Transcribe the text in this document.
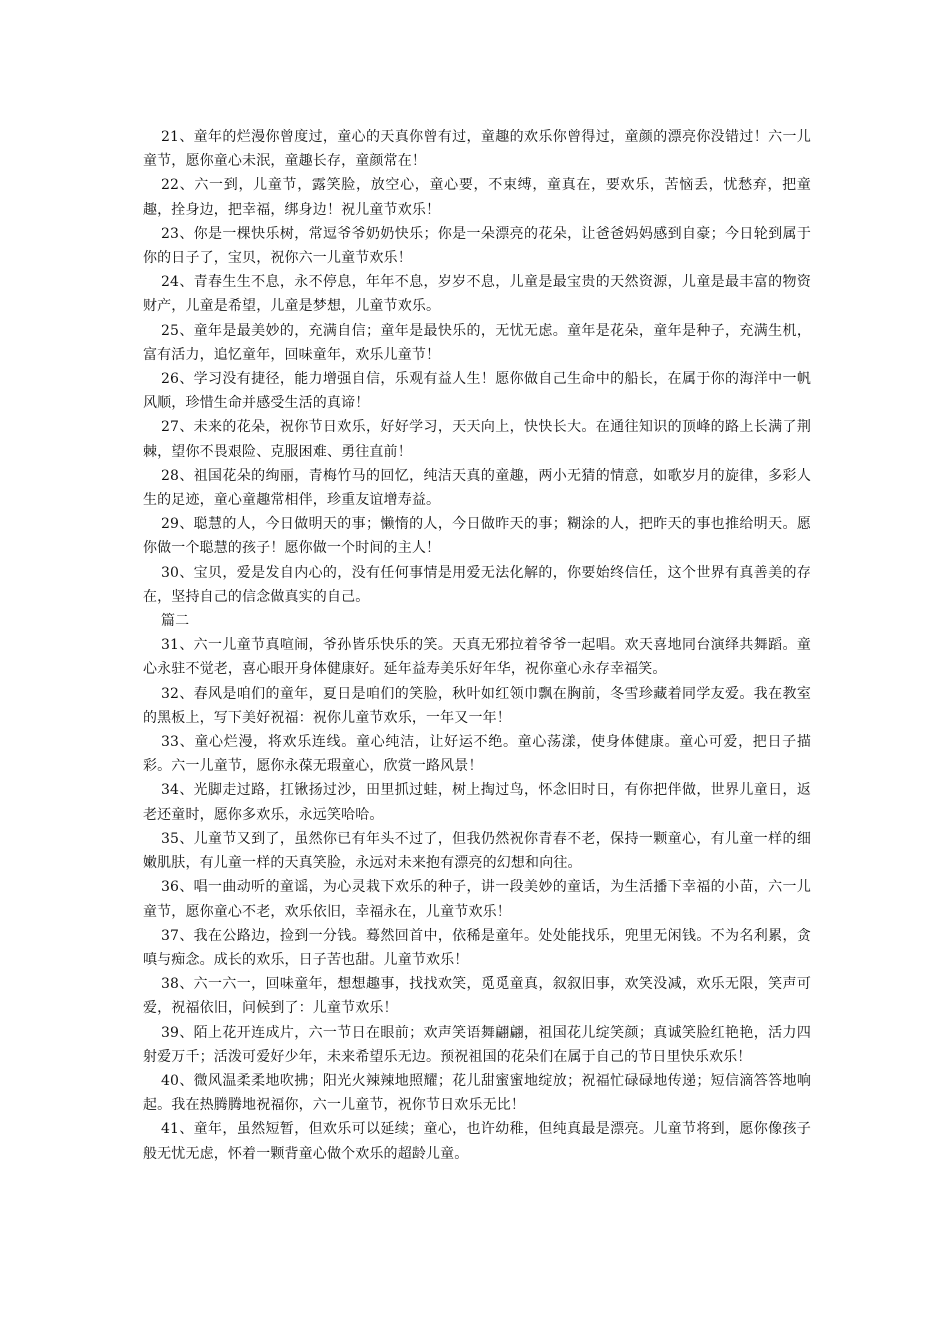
21、童年的烂漫你曾度过，童心的天真你曾有过，童趣的欢乐你曾得过，童颜的漂亮你没错过！六一儿童节，愿你童心未泯，童趣长存，童颜常在！

22、六一到，儿童节，露笑脸，放空心，童心要，不束缚，童真在，要欢乐，苦恼丢，忧愁弃，把童趣，拴身边，把幸福，绑身边！祝儿童节欢乐！

23、你是一棵快乐树，常逗爷爷奶奶快乐；你是一朵漂亮的花朵，让爸爸妈妈感到自豪；今日轮到属于你的日子了，宝贝，祝你六一儿童节欢乐！

24、青春生生不息，永不停息，年年不息，岁岁不息，儿童是最宝贵的天然资源，儿童是最丰富的物资财产，儿童是希望，儿童是梦想，儿童节欢乐。

25、童年是最美妙的，充满自信；童年是最快乐的，无忧无虑。童年是花朵，童年是种子，充满生机，富有活力，追忆童年，回味童年，欢乐儿童节！

26、学习没有捷径，能力增强自信，乐观有益人生！愿你做自己生命中的船长，在属于你的海洋中一帆风顺，珍惜生命并感受生活的真谛！

27、未来的花朵，祝你节日欢乐，好好学习，天天向上，快快长大。在通往知识的顶峰的路上长满了荆棘，望你不畏艰险、克服困难、勇往直前！

28、祖国花朵的绚丽，青梅竹马的回忆，纯洁天真的童趣，两小无猜的情意，如歌岁月的旋律，多彩人生的足迹，童心童趣常相伴，珍重友谊增寿益。

29、聪慧的人，今日做明天的事；懒惰的人，今日做昨天的事；糊涂的人，把昨天的事也推给明天。愿你做一个聪慧的孩子！愿你做一个时间的主人！

30、宝贝，爱是发自内心的，没有任何事情是用爱无法化解的，你要始终信任，这个世界有真善美的存在，坚持自己的信念做真实的自己。

篇二

31、六一儿童节真喧闹，爷孙皆乐快乐的笑。天真无邪拉着爷爷一起唱。欢天喜地同台演绎共舞蹈。童心永驻不觉老，喜心眼开身体健康好。延年益寿美乐好年华，祝你童心永存幸福笑。

32、春风是咱们的童年，夏日是咱们的笑脸，秋叶如红领巾飘在胸前，冬雪珍藏着同学友爱。我在教室的黑板上，写下美好祝福：祝你儿童节欢乐，一年又一年！

33、童心烂漫，将欢乐连线。童心纯洁，让好运不绝。童心荡漾，使身体健康。童心可爱，把日子描彩。六一儿童节，愿你永葆无瑕童心，欣赏一路风景！

34、光脚走过路，扛锹扬过沙，田里抓过蛙，树上掏过鸟，怀念旧时日，有你把伴做，世界儿童日，返老还童时，愿你多欢乐，永远笑哈哈。

35、儿童节又到了，虽然你已有年头不过了，但我仍然祝你青春不老，保持一颗童心，有儿童一样的细嫩肌肤，有儿童一样的天真笑脸，永远对未来抱有漂亮的幻想和向往。

36、唱一曲动听的童谣，为心灵栽下欢乐的种子，讲一段美妙的童话，为生活播下幸福的小苗，六一儿童节，愿你童心不老，欢乐依旧，幸福永在，儿童节欢乐！

37、我在公路边，捡到一分钱。蓦然回首中，依稀是童年。处处能找乐，兜里无闲钱。不为名利累，贪嗔与痴念。成长的欢乐，日子苦也甜。儿童节欢乐！

38、六一六一，回味童年，想想趣事，找找欢笑，觅觅童真，叙叙旧事，欢笑没减，欢乐无限，笑声可爱，祝福依旧，问候到了：儿童节欢乐！

39、陌上花开连成片，六一节日在眼前；欢声笑语舞翩翩，祖国花儿绽笑颜；真诚笑脸红艳艳，活力四射爱万千；活泼可爱好少年，未来希望乐无边。预祝祖国的花朵们在属于自己的节日里快乐欢乐！

40、微风温柔柔地吹拂；阳光火辣辣地照耀；花儿甜蜜蜜地绽放；祝福忙碌碌地传递；短信滴答答地响起。我在热腾腾地祝福你，六一儿童节，祝你节日欢乐无比！

41、童年，虽然短暂，但欢乐可以延续；童心，也许幼稚，但纯真最是漂亮。儿童节将到，愿你像孩子般无忧无虑，怀着一颗背童心做个欢乐的超龄儿童。
